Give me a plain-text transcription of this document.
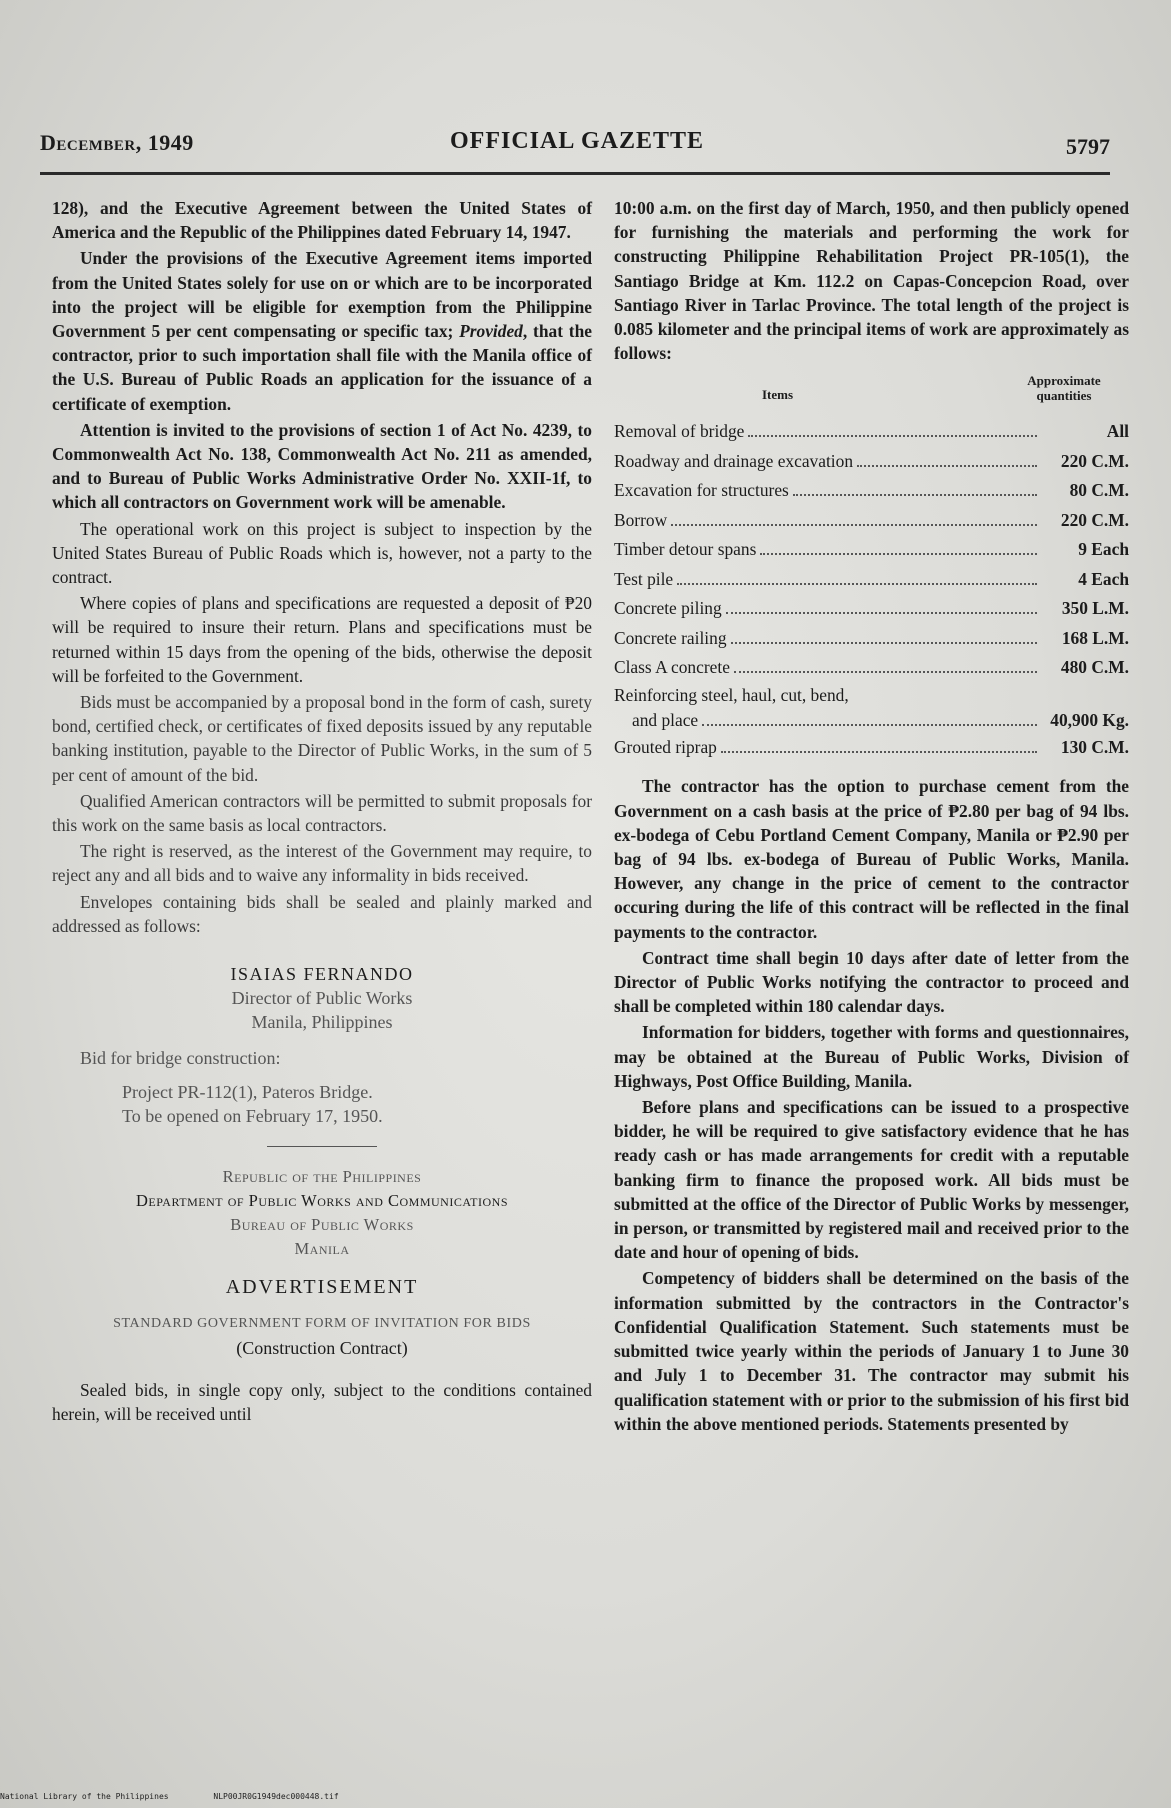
December, 1949	OFFICIAL GAZETTE	5797

128), and the Executive Agreement between the United States of America and the Republic of the Philippines dated February 14, 1947.

Under the provisions of the Executive Agreement items imported from the United States solely for use on or which are to be incorporated into the project will be eligible for exemption from the Philippine Government 5 per cent compensating or specific tax; Provided, that the contractor, prior to such importation shall file with the Manila office of the U.S. Bureau of Public Roads an application for the issuance of a certificate of exemption.

Attention is invited to the provisions of section 1 of Act No. 4239, to Commonwealth Act No. 138, Commonwealth Act No. 211 as amended, and to Bureau of Public Works Administrative Order No. XXII-1f, to which all contractors on Government work will be amenable.

The operational work on this project is subject to inspection by the United States Bureau of Public Roads which is, however, not a party to the contract.

Where copies of plans and specifications are requested a deposit of ₱20 will be required to insure their return. Plans and specifications must be returned within 15 days from the opening of the bids, otherwise the deposit will be forfeited to the Government.

Bids must be accompanied by a proposal bond in the form of cash, surety bond, certified check, or certificates of fixed deposits issued by any reputable banking institution, payable to the Director of Public Works, in the sum of 5 per cent of amount of the bid.

Qualified American contractors will be permitted to submit proposals for this work on the same basis as local contractors.

The right is reserved, as the interest of the Government may require, to reject any and all bids and to waive any informality in bids received.

Envelopes containing bids shall be sealed and plainly marked and addressed as follows:

ISAIAS FERNANDO
Director of Public Works
Manila, Philippines
Bid for bridge construction:
Project PR-112(1), Pateros Bridge.
To be opened on February 17, 1950.
Republic of the Philippines
Department of Public Works and Communications
Bureau of Public Works
Manila
ADVERTISEMENT
STANDARD GOVERNMENT FORM OF INVITATION FOR BIDS
(Construction Contract)

Sealed bids, in single copy only, subject to the conditions contained herein, will be received until

10:00 a.m. on the first day of March, 1950, and then publicly opened for furnishing the materials and performing the work for constructing Philippine Rehabilitation Project PR-105(1), the Santiago Bridge at Km. 112.2 on Capas-Concepcion Road, over Santiago River in Tarlac Province. The total length of the project is 0.085 kilometer and the principal items of work are approximately as follows:

Items
Approximate
quantities
Removal of bridge	All
Roadway and drainage excavation	220 C.M.
Excavation for structures	80 C.M.
Borrow	220 C.M.
Timber detour spans	9 Each
Test pile	4 Each
Concrete piling	350 L.M.
Concrete railing	168 L.M.
Class A concrete	480 C.M.
Reinforcing steel, haul, cut, bend,
and place	40,900 Kg.
Grouted riprap	130 C.M.

The contractor has the option to purchase cement from the Government on a cash basis at the price of ₱2.80 per bag of 94 lbs. ex-bodega of Cebu Portland Cement Company, Manila or ₱2.90 per bag of 94 lbs. ex-bodega of Bureau of Public Works, Manila. However, any change in the price of cement to the contractor occuring during the life of this contract will be reflected in the final payments to the contractor.

Contract time shall begin 10 days after date of letter from the Director of Public Works notifying the contractor to proceed and shall be completed within 180 calendar days.

Information for bidders, together with forms and questionnaires, may be obtained at the Bureau of Public Works, Division of Highways, Post Office Building, Manila.

Before plans and specifications can be issued to a prospective bidder, he will be required to give satisfactory evidence that he has ready cash or has made arrangements for credit with a reputable banking firm to finance the proposed work. All bids must be submitted at the office of the Director of Public Works by messenger, in person, or transmitted by registered mail and received prior to the date and hour of opening of bids.

Competency of bidders shall be determined on the basis of the information submitted by the contractors in the Contractor's Confidential Qualification Statement. Such statements must be submitted twice yearly within the periods of January 1 to June 30 and July 1 to December 31. The contractor may submit his qualification statement with or prior to the submission of his first bid within the above mentioned periods. Statements presented by

National Library of the Philippines	NLP00JR0G1949dec000448.tif
